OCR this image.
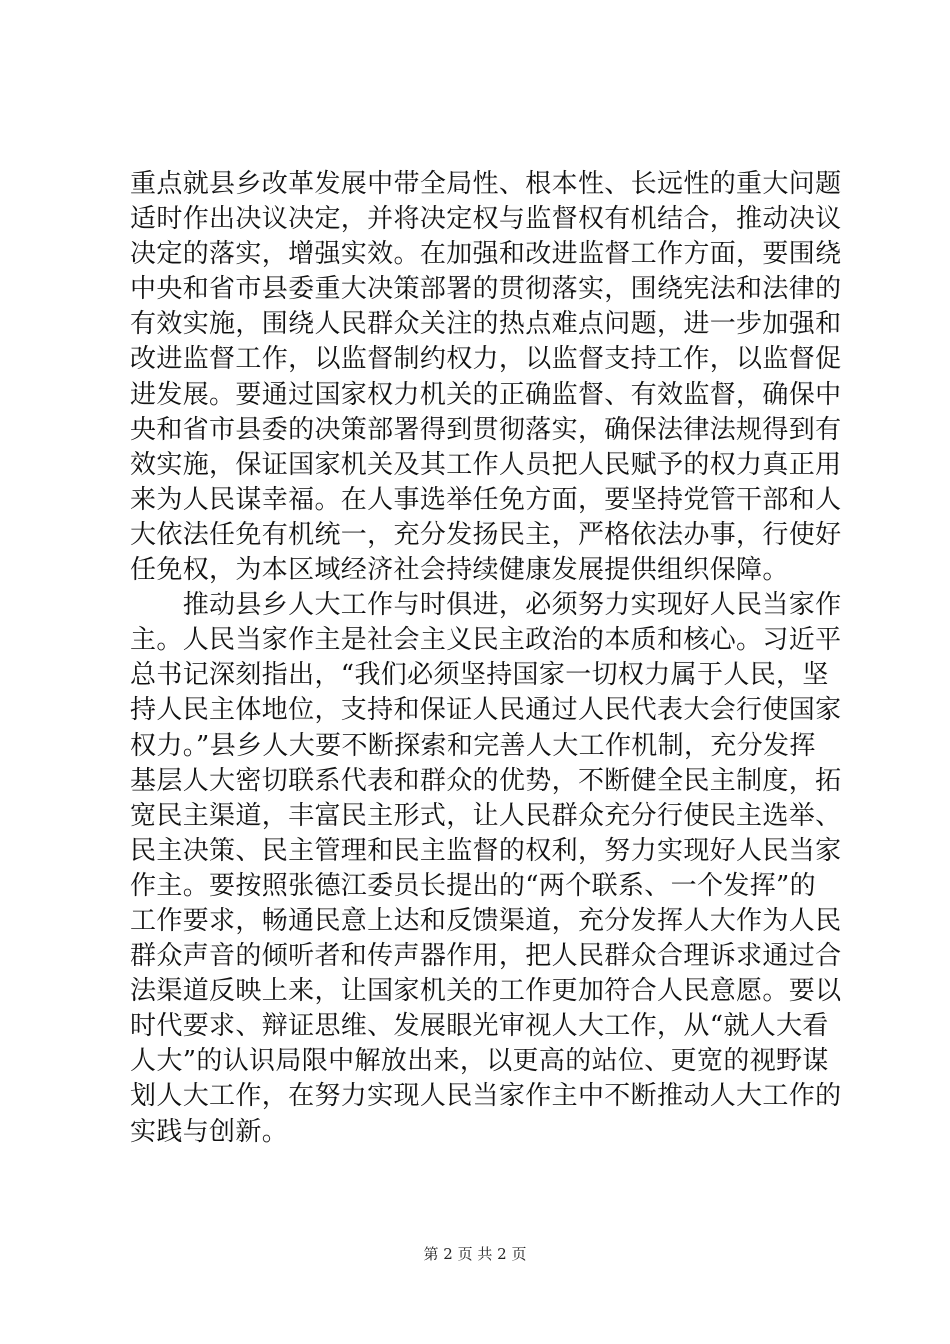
重点就县乡改革发展中带全局性、根本性、长远性的重大问题
适时作出决议决定，并将决定权与监督权有机结合，推动决议
决定的落实，增强实效。在加强和改进监督工作方面，要围绕
中央和省市县委重大决策部署的贯彻落实，围绕宪法和法律的
有效实施，围绕人民群众关注的热点难点问题，进一步加强和
改进监督工作，以监督制约权力，以监督支持工作，以监督促
进发展。要通过国家权力机关的正确监督、有效监督，确保中
央和省市县委的决策部署得到贯彻落实，确保法律法规得到有
效实施，保证国家机关及其工作人员把人民赋予的权力真正用
来为人民谋幸福。在人事选举任免方面，要坚持党管干部和人
大依法任免有机统一，充分发扬民主，严格依法办事，行使好
任免权，为本区域经济社会持续健康发展提供组织保障。
　　推动县乡人大工作与时俱进，必须努力实现好人民当家作
主。人民当家作主是社会主义民主政治的本质和核心。习近平
总书记深刻指出，“我们必须坚持国家一切权力属于人民，坚
持人民主体地位，支持和保证人民通过人民代表大会行使国家
权力。”县乡人大要不断探索和完善人大工作机制，充分发挥
基层人大密切联系代表和群众的优势，不断健全民主制度，拓
宽民主渠道，丰富民主形式，让人民群众充分行使民主选举、
民主决策、民主管理和民主监督的权利，努力实现好人民当家
作主。要按照张德江委员长提出的“两个联系、一个发挥”的
工作要求，畅通民意上达和反馈渠道，充分发挥人大作为人民
群众声音的倾听者和传声器作用，把人民群众合理诉求通过合
法渠道反映上来，让国家机关的工作更加符合人民意愿。要以
时代要求、辩证思维、发展眼光审视人大工作，从“就人大看
人大”的认识局限中解放出来，以更高的站位、更宽的视野谋
划人大工作，在努力实现人民当家作主中不断推动人大工作的
实践与创新。
第 2 页 共 2 页
